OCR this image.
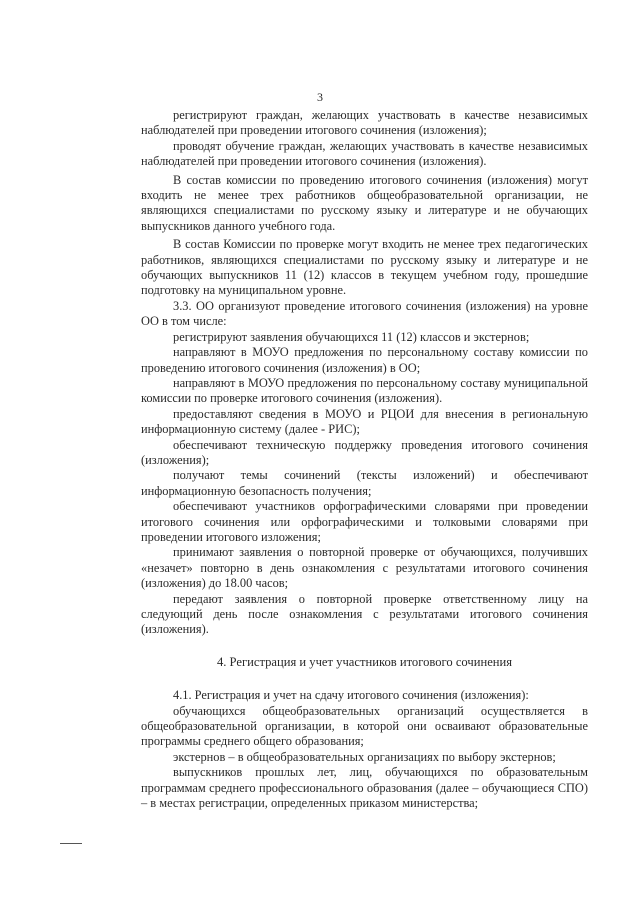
3

регистрируют граждан, желающих участвовать в качестве независимых наблюдателей при проведении итогового сочинения (изложения);

проводят обучение граждан, желающих участвовать в качестве независимых наблюдателей при проведении итогового сочинения (изложения).

В состав комиссии по проведению итогового сочинения (изложения) могут входить не менее трех работников общеобразовательной организации, не являющихся специалистами по русскому языку и литературе и не обучающих выпускников данного учебного года.

В состав Комиссии по проверке могут входить не менее трех педагогических работников, являющихся специалистами по русскому языку и литературе и не обучающих выпускников 11 (12) классов в текущем учебном году, прошедшие подготовку на муниципальном уровне.

3.3. ОО организуют проведение итогового сочинения (изложения) на уровне ОО в том числе:

регистрируют заявления обучающихся 11 (12) классов и экстернов;

направляют в МОУО предложения по персональному составу комиссии по проведению итогового сочинения (изложения) в ОО;

направляют в МОУО предложения по персональному составу муниципальной комиссии по проверке итогового сочинения (изложения).

предоставляют сведения в МОУО и РЦОИ для внесения в региональную информационную систему (далее - РИС);

обеспечивают техническую поддержку проведения итогового сочинения (изложения);

получают темы сочинений (тексты изложений) и обеспечивают информационную безопасность получения;

обеспечивают участников орфографическими словарями при проведении итогового сочинения или орфографическими и толковыми словарями при проведении итогового изложения;

принимают заявления о повторной проверке от обучающихся, получивших «незачет» повторно в день ознакомления с результатами итогового сочинения (изложения) до 18.00 часов;

передают заявления о повторной проверке ответственному лицу на следующий день после ознакомления с результатами итогового сочинения (изложения).

4. Регистрация и учет участников итогового сочинения

4.1. Регистрация и учет на сдачу итогового сочинения (изложения):

обучающихся общеобразовательных организаций осуществляется в общеобразовательной организации, в которой они осваивают образовательные программы среднего общего образования;

экстернов – в общеобразовательных организациях по выбору экстернов;

выпускников прошлых лет, лиц, обучающихся по образовательным программам среднего профессионального образования (далее – обучающиеся СПО) – в местах регистрации, определенных приказом министерства;
